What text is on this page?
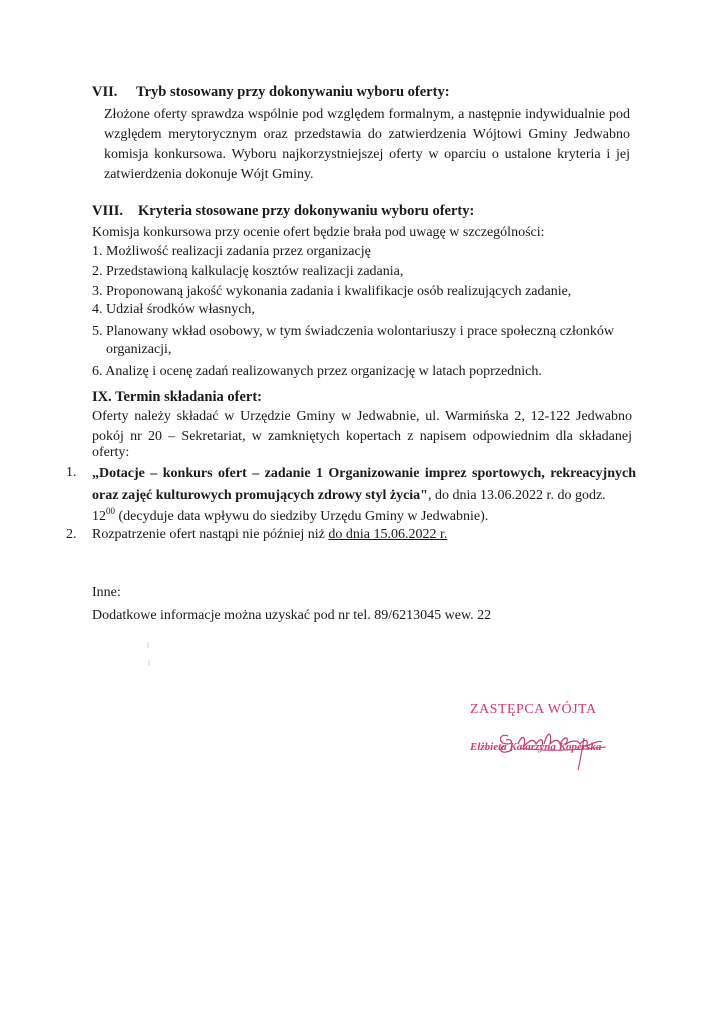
VII. Tryb stosowany przy dokonywaniu wyboru oferty:
Złożone oferty sprawdza wspólnie pod względem formalnym, a następnie indywidualnie pod
względem merytorycznym oraz przedstawia do zatwierdzenia Wójtowi Gminy Jedwabno
komisja konkursowa. Wyboru najkorzystniejszej oferty w oparciu o ustalone kryteria i jej
zatwierdzenia dokonuje Wójt Gminy.
VIII. Kryteria stosowane przy dokonywaniu wyboru oferty:
Komisja konkursowa przy ocenie ofert będzie brała pod uwagę w szczególności:
1. Możliwość realizacji zadania przez organizację
2. Przedstawioną kalkulację kosztów realizacji zadania,
3. Proponowaną jakość wykonania zadania i kwalifikacje osób realizujących zadanie,
4. Udział środków własnych,
5. Planowany wkład osobowy, w tym świadczenia wolontariuszy i prace społeczną członków
organizacji,
6. Analizę i ocenę zadań realizowanych przez organizację w latach poprzednich.
IX. Termin składania ofert:
Oferty należy składać w Urzędzie Gminy w Jedwabnie, ul. Warmińska 2, 12-122 Jedwabno
pokój nr 20 – Sekretariat, w zamkniętych kopertach z napisem odpowiednim dla składanej
oferty:
1. „Dotacje – konkurs ofert – zadanie 1 Organizowanie imprez sportowych, rekreacyjnych
oraz zajęć kulturowych promujących zdrowy styl życia", do dnia 13.06.2022 r. do godz.
$12^{00}$ (decyduje data wpływu do siedziby Urzędu Gminy w Jedwabnie).
2. Rozpatrzenie ofert nastąpi nie później niż do dnia 15.06.2022 r.
Inne:
Dodatkowe informacje można uzyskać pod nr tel. 89/6213045 wew. 22
ZASTĘPCA WÓJTA
Elżbieta Katarzyna Koperska
